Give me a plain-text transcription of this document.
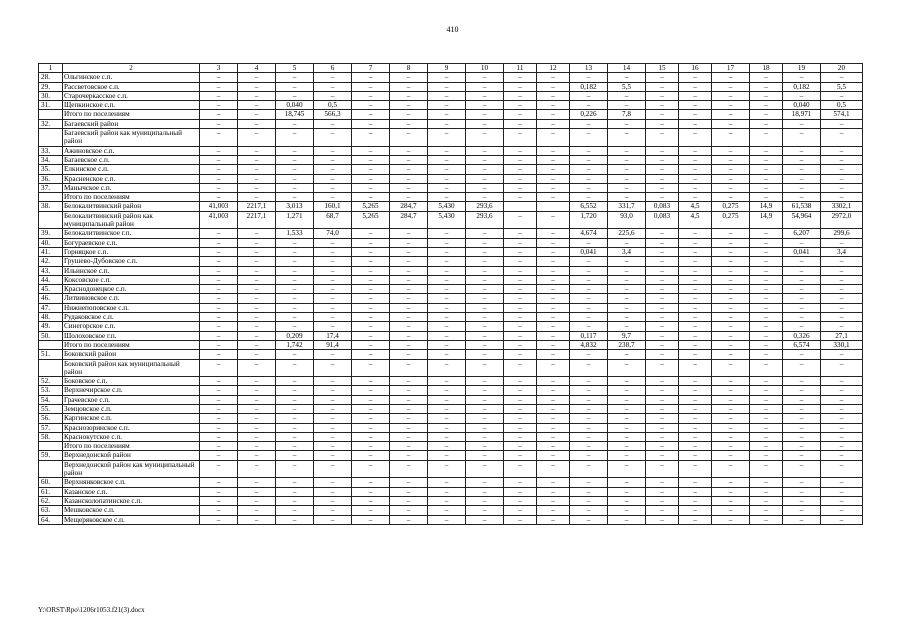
410
1	2	3	4	5	6	7	8	9	10	11	12	13	14	15	16	17	18	19	20
28.	Ольгинское с.п.	–	–	–	–	–	–	–	–	–	–	–	–	–	–	–	–	–	–
29.	Рассветовское с.п.	–	–	–	–	–	–	–	–	–	–	0,182	5,5	–	–	–	–	0,182	5,5
30.	Старочеркасское с.п.	–	–	–	–	–	–	–	–	–	–	–	–	–	–	–	–	–	–
31.	Щепкинское с.п.	–	–	0,040	0,5	–	–	–	–	–	–	–	–	–	–	–	–	0,040	0,5
	Итого по поселениям	–	–	18,745	566,3	–	–	–	–	–	–	0,226	7,8	–	–	–	–	18,971	574,1
32.	Багаевский район	–	–	–	–	–	–	–	–	–	–	–	–	–	–	–	–	–	–
	Багаевский район как муниципальный район	–	–	–	–	–	–	–	–	–	–	–	–	–	–	–	–	–	–
33.	Ажиновское с.п.	–	–	–	–	–	–	–	–	–	–	–	–	–	–	–	–	–	–
34.	Багаевское с.п.	–	–	–	–	–	–	–	–	–	–	–	–	–	–	–	–	–	–
35.	Елкинское с.п.	–	–	–	–	–	–	–	–	–	–	–	–	–	–	–	–	–	–
36.	Красненское с.п.	–	–	–	–	–	–	–	–	–	–	–	–	–	–	–	–	–	–
37.	Манычское с.п.	–	–	–	–	–	–	–	–	–	–	–	–	–	–	–	–	–	–
	Итого по поселениям	–	–	–	–	–	–	–	–	–	–	–	–	–	–	–	–	–	–
38.	Белокалитвинский район	41,003	2217,1	3,013	160,1	5,265	284,7	5,430	293,6			6,552	331,7	0,083	4,5	0,275	14,9	61,538	3302,1
	Белокалитвинский район как муниципальный район	41,003	2217,1	1,271	68,7	5,265	284,7	5,430	293,6	–	–	1,720	93,0	0,083	4,5	0,275	14,9	54,964	2972,0
39.	Белокалитвинское г.п.	–	–	1,533	74,0	–	–	–	–	–	–	4,674	225,6	–	–	–	–	6,207	299,6
40.	Богураевское с.п.	–	–	–	–	–	–	–	–	–	–	–	–	–	–	–	–	–	–
41.	Горняцкое с.п.	–	–	–	–	–	–	–	–	–	–	0,041	3,4	–	–	–	–	0,041	3,4
42.	Грушево-Дубовское с.п.	–	–	–	–	–	–	–	–	–	–	–	–	–	–	–	–	–	–
43.	Ильинское с.п.	–	–	–	–	–	–	–	–	–	–	–	–	–	–	–	–	–	–
44.	Коксовское с.п.	–	–	–	–	–	–	–	–	–	–	–	–	–	–	–	–	–	–
45.	Краснодонецкое с.п.	–	–	–	–	–	–	–	–	–	–	–	–	–	–	–	–	–	–
46.	Литвиновское с.п.	–	–	–	–	–	–	–	–	–	–	–	–	–	–	–	–	–	–
47.	Нижнепоповское с.п.	–	–	–	–	–	–	–	–	–	–	–	–	–	–	–	–	–	–
48.	Рудаковское с.п.	–	–	–	–	–	–	–	–	–	–	–	–	–	–	–	–	–	–
49.	Синегорское с.п.	–	–	–	–	–	–	–	–	–	–	–	–	–	–	–	–	–	–
50.	Шолоховское г.п.	–	–	0,209	17,4	–	–	–	–	–	–	0,117	9,7	–	–	–	–	0,326	27,1
	Итого по поселениям	–	–	1,742	91,4	–	–	–	–	–	–	4,832	238,7	–	–	–	–	6,574	330,1
51.	Боковский район	–	–	–	–	–	–	–	–	–	–	–	–	–	–	–	–	–	–
	Боковский район как муниципальный район	–	–	–	–	–	–	–	–	–	–	–	–	–	–	–	–	–	–
52.	Боковское с.п.	–	–	–	–	–	–	–	–	–	–	–	–	–	–	–	–	–	–
53.	Верхнечирское с.п.	–	–	–	–	–	–	–	–	–	–	–	–	–	–	–	–	–	–
54.	Грачевское с.п.	–	–	–	–	–	–	–	–	–	–	–	–	–	–	–	–	–	–
55.	Земцовское с.п.	–	–	–	–	–	–	–	–	–	–	–	–	–	–	–	–	–	–
56.	Каргинское с.п.	–	–	–	–	–	–	–	–	–	–	–	–	–	–	–	–	–	–
57.	Краснозоринское с.п.	–	–	–	–	–	–	–	–	–	–	–	–	–	–	–	–	–	–
58.	Краснокутское с.п.	–	–	–	–	–	–	–	–	–	–	–	–	–	–	–	–	–	–
	Итого по поселениям	–	–	–	–	–	–	–	–	–	–	–	–	–	–	–	–	–	–
59.	Верхнедонской район	–	–	–	–	–	–	–	–	–	–	–	–	–	–	–	–	–	–
	Верхнедонской район как муниципальный район	–	–	–	–	–	–	–	–	–	–	–	–	–	–	–	–	–	–
60.	Верхнянковское с.п.	–	–	–	–	–	–	–	–	–	–	–	–	–	–	–	–	–	–
61.	Казанское с.п.	–	–	–	–	–	–	–	–	–	–	–	–	–	–	–	–	–	–
62.	Казансколопатинское с.п.	–	–	–	–	–	–	–	–	–	–	–	–	–	–	–	–	–	–
63.	Мешковское с.п.	–	–	–	–	–	–	–	–	–	–	–	–	–	–	–	–	–	–
64.	Мещеряковское с.п.	–	–	–	–	–	–	–	–	–	–	–	–	–	–	–	–	–	–
Y:\ORST\Rpo\1206r1053.f21(3).docx
